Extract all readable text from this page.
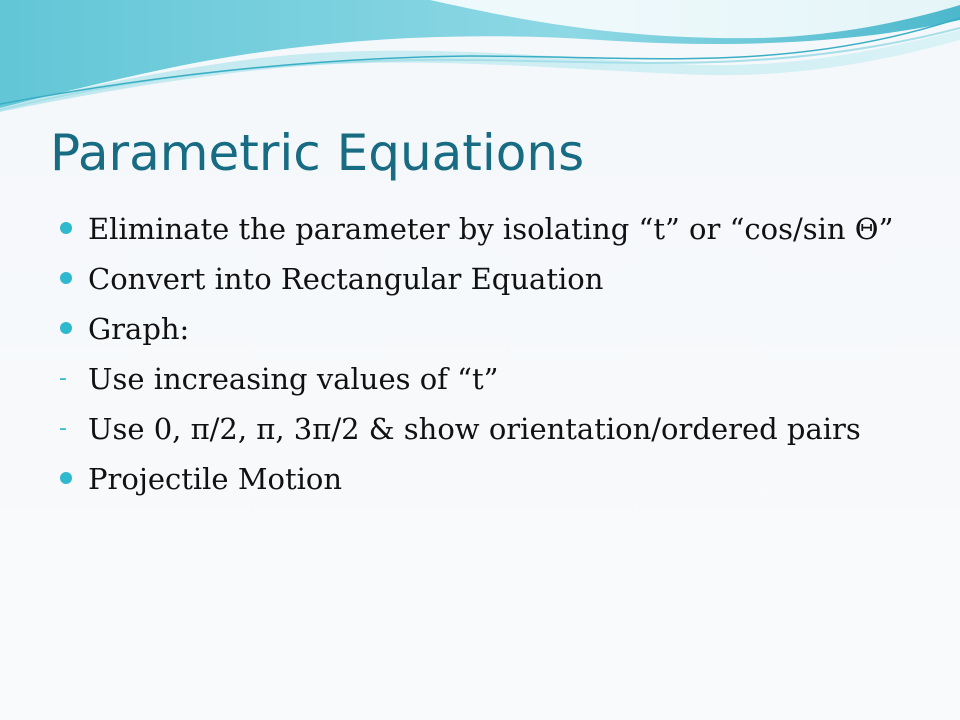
Parametric Equations
Eliminate the parameter by isolating “t” or “cos/sin Θ”
Convert into Rectangular Equation
Graph:
- Use increasing values of “t”
- Use 0, π/2, π, 3π/2 & show orientation/ordered pairs
Projectile Motion
